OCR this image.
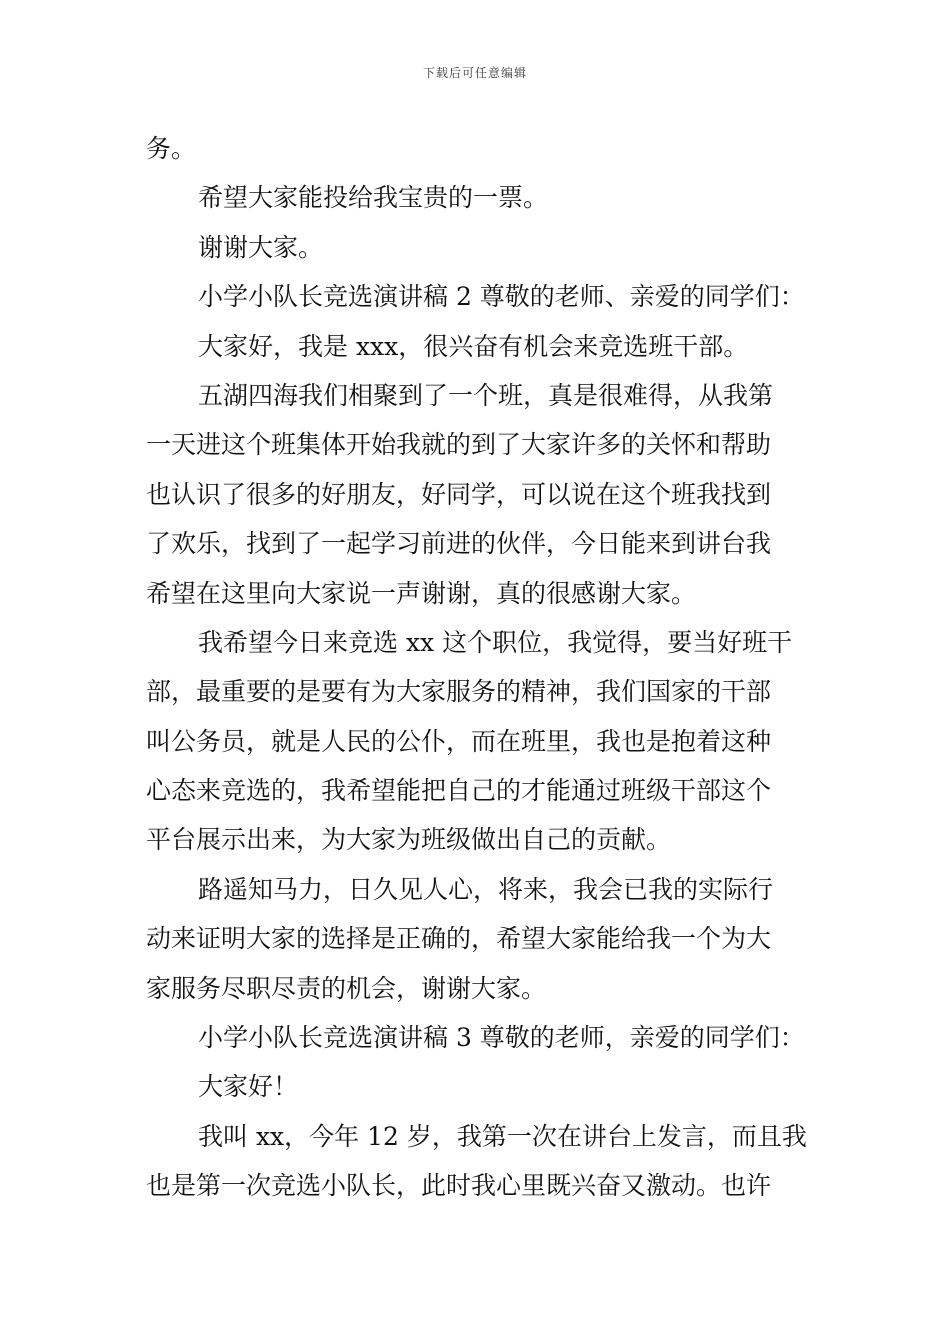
下载后可任意编辑
务。
希望大家能投给我宝贵的一票。
谢谢大家。
小学小队长竞选演讲稿 2 尊敬的老师、亲爱的同学们：
大家好，我是 xxx，很兴奋有机会来竞选班干部。
五湖四海我们相聚到了一个班，真是很难得，从我第
一天进这个班集体开始我就的到了大家许多的关怀和帮助
也认识了很多的好朋友，好同学，可以说在这个班我找到
了欢乐，找到了一起学习前进的伙伴，今日能来到讲台我
希望在这里向大家说一声谢谢，真的很感谢大家。
我希望今日来竞选 xx 这个职位，我觉得，要当好班干
部，最重要的是要有为大家服务的精神，我们国家的干部
叫公务员，就是人民的公仆，而在班里，我也是抱着这种
心态来竞选的，我希望能把自己的才能通过班级干部这个
平台展示出来，为大家为班级做出自己的贡献。
路遥知马力，日久见人心，将来，我会已我的实际行
动来证明大家的选择是正确的，希望大家能给我一个为大
家服务尽职尽责的机会，谢谢大家。
小学小队长竞选演讲稿 3 尊敬的老师，亲爱的同学们：
大家好！
我叫 xx，今年 12 岁，我第一次在讲台上发言，而且我
也是第一次竞选小队长，此时我心里既兴奋又激动。也许
